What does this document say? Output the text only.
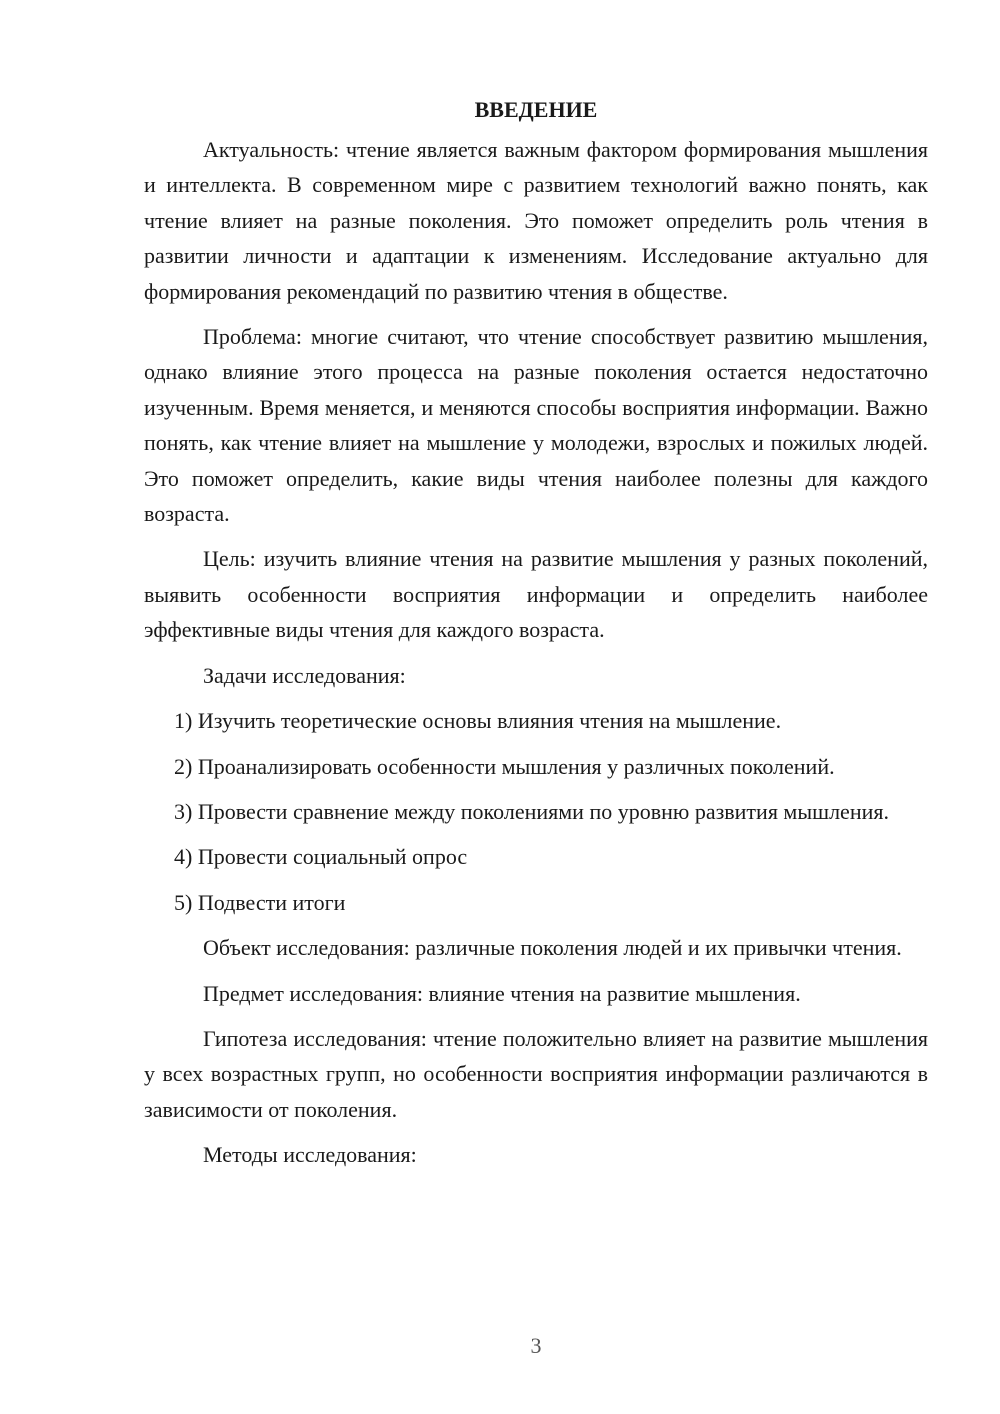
ВВЕДЕНИЕ

Актуальность: чтение является важным фактором формирования мышления и интеллекта. В современном мире с развитием технологий важно понять, как чтение влияет на разные поколения. Это поможет определить роль чтения в развитии личности и адаптации к изменениям. Исследование актуально для формирования рекомендаций по развитию чтения в обществе.

Проблема: многие считают, что чтение способствует развитию мышления, однако влияние этого процесса на разные поколения остается недостаточно изученным. Время меняется, и меняются способы восприятия информации. Важно понять, как чтение влияет на мышление у молодежи, взрослых и пожилых людей. Это поможет определить, какие виды чтения наиболее полезны для каждого возраста.

Цель: изучить влияние чтения на развитие мышления у разных поколений, выявить особенности восприятия информации и определить наиболее эффективные виды чтения для каждого возраста.

Задачи исследования:

1) Изучить теоретические основы влияния чтения на мышление.

2) Проанализировать особенности мышления у различных поколений.

3) Провести сравнение между поколениями по уровню развития мышления.

4) Провести социальный опрос

5) Подвести итоги

Объект исследования: различные поколения людей и их привычки чтения.

Предмет исследования: влияние чтения на развитие мышления.

Гипотеза исследования: чтение положительно влияет на развитие мышления у всех возрастных групп, но особенности восприятия информации различаются в зависимости от поколения.

Методы исследования:

3
